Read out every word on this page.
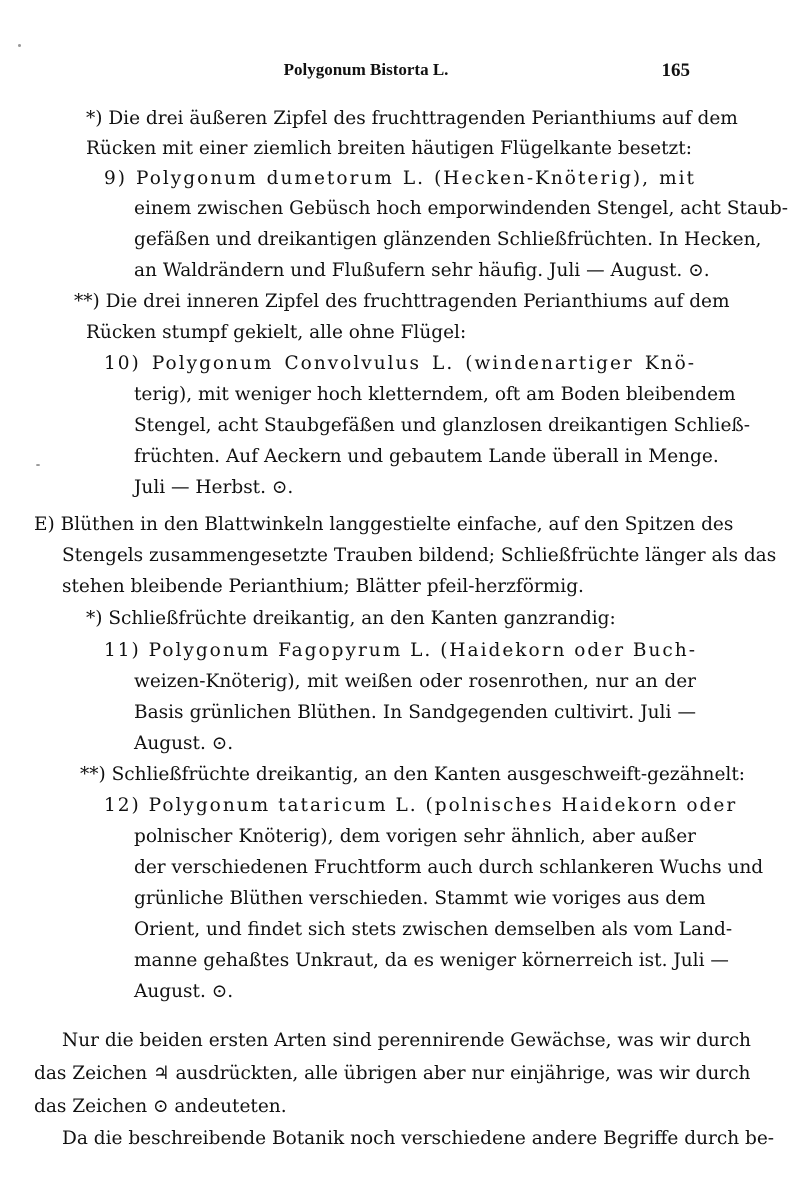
Polygonum Bistorta L.	165
*) Die drei äußeren Zipfel des fruchttragenden Perianthiums auf dem
Rücken mit einer ziemlich breiten häutigen Flügelkante besetzt:
9) Polygonum dumetorum L. (Hecken-Knöterig), mit
einem zwischen Gebüsch hoch emporwindenden Stengel, acht Staub-
gefäßen und dreikantigen glänzenden Schließfrüchten. In Hecken,
an Waldrändern und Flußufern sehr häufig. Juli — August. ⊙.
**) Die drei inneren Zipfel des fruchttragenden Perianthiums auf dem
Rücken stumpf gekielt, alle ohne Flügel:
10) Polygonum Convolvulus L. (windenartiger Knö-
terig), mit weniger hoch kletterndem, oft am Boden bleibendem
Stengel, acht Staubgefäßen und glanzlosen dreikantigen Schließ-
früchten. Auf Aeckern und gebautem Lande überall in Menge.
Juli — Herbst. ⊙.
E) Blüthen in den Blattwinkeln langgestielte einfache, auf den Spitzen des
Stengels zusammengesetzte Trauben bildend; Schließfrüchte länger als das
stehen bleibende Perianthium; Blätter pfeil-herzförmig.
*) Schließfrüchte dreikantig, an den Kanten ganzrandig:
11) Polygonum Fagopyrum L. (Haidekorn oder Buch-
weizen-Knöterig), mit weißen oder rosenrothen, nur an der
Basis grünlichen Blüthen. In Sandgegenden cultivirt. Juli —
August. ⊙.
**) Schließfrüchte dreikantig, an den Kanten ausgeschweift-gezähnelt:
12) Polygonum tataricum L. (polnisches Haidekorn oder
polnischer Knöterig), dem vorigen sehr ähnlich, aber außer
der verschiedenen Fruchtform auch durch schlankeren Wuchs und
grünliche Blüthen verschieden. Stammt wie voriges aus dem
Orient, und findet sich stets zwischen demselben als vom Land-
manne gehaßtes Unkraut, da es weniger körnerreich ist. Juli —
August. ⊙.
Nur die beiden ersten Arten sind perennirende Gewächse, was wir durch
das Zeichen ♃ ausdrückten, alle übrigen aber nur einjährige, was wir durch
das Zeichen ⊙ andeuteten.
Da die beschreibende Botanik noch verschiedene andere Begriffe durch be-
